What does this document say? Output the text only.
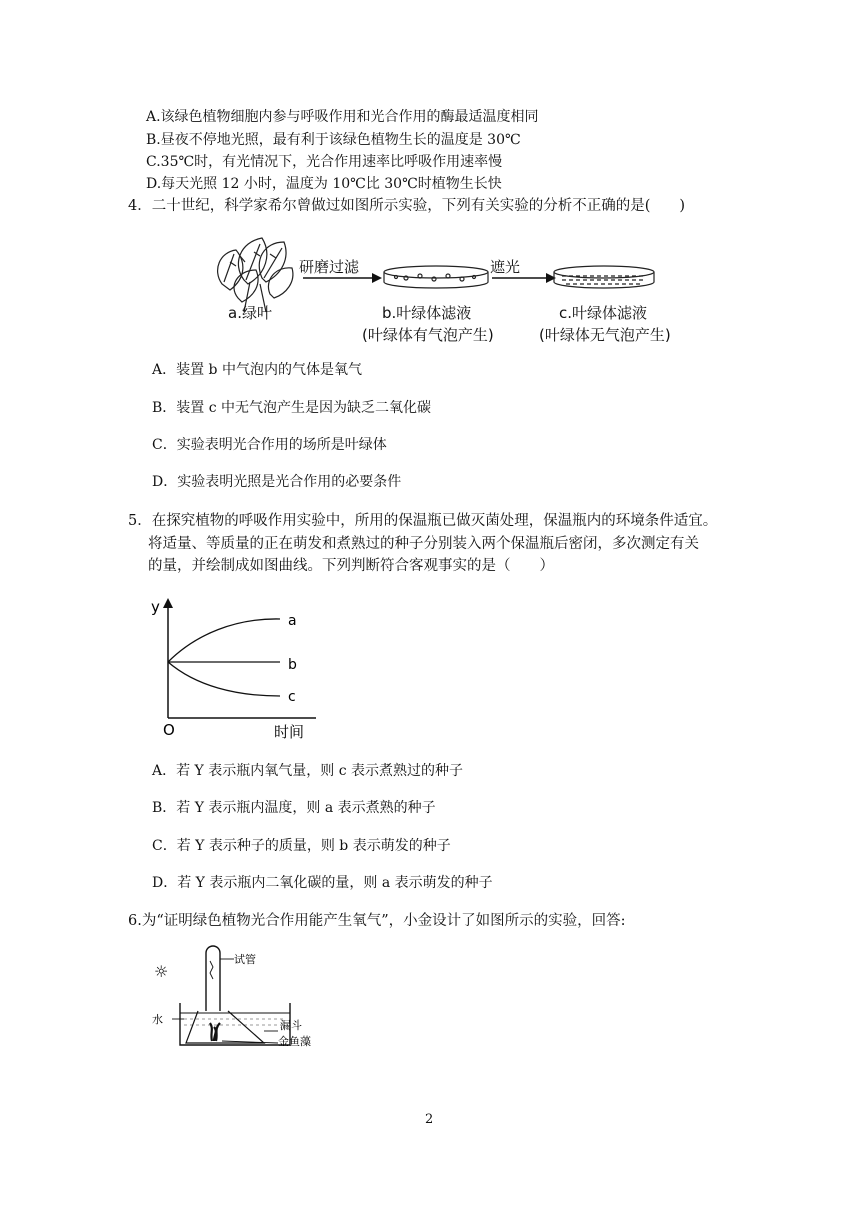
A.该绿色植物细胞内参与呼吸作用和光合作用的酶最适温度相同
B.昼夜不停地光照，最有利于该绿色植物生长的温度是 30℃
C.35℃时，有光情况下，光合作用速率比呼吸作用速率慢
D.每天光照 12 小时，温度为 10℃比 30℃时植物生长快
4．二十世纪，科学家希尔曾做过如图所示实验，下列有关实验的分析不正确的是(　　)
研磨过滤	遮光
a.绿叶	b.叶绿体滤液
(叶绿体有气泡产生)
c.叶绿体滤液
(叶绿体无气泡产生)
A．装置 b 中气泡内的气体是氧气
B．装置 c 中无气泡产生是因为缺乏二氧化碳
C．实验表明光合作用的场所是叶绿体
D．实验表明光照是光合作用的必要条件
5．在探究植物的呼吸作用实验中，所用的保温瓶已做灭菌处理，保温瓶内的环境条件适宜。
将适量、等质量的正在萌发和煮熟过的种子分别装入两个保温瓶后密闭，多次测定有关
的量，并绘制成如图曲线。下列判断符合客观事实的是（　　）
y
a
b
c
O	时间
A．若 Y 表示瓶内氧气量，则 c 表示煮熟过的种子
B．若 Y 表示瓶内温度，则 a 表示煮熟的种子
C．若 Y 表示种子的质量，则 b 表示萌发的种子
D．若 Y 表示瓶内二氧化碳的量，则 a 表示萌发的种子
6.为“证明绿色植物光合作用能产生氧气”，小金设计了如图所示的实验，回答:
☼
试管
水	漏斗
金鱼藻
2
